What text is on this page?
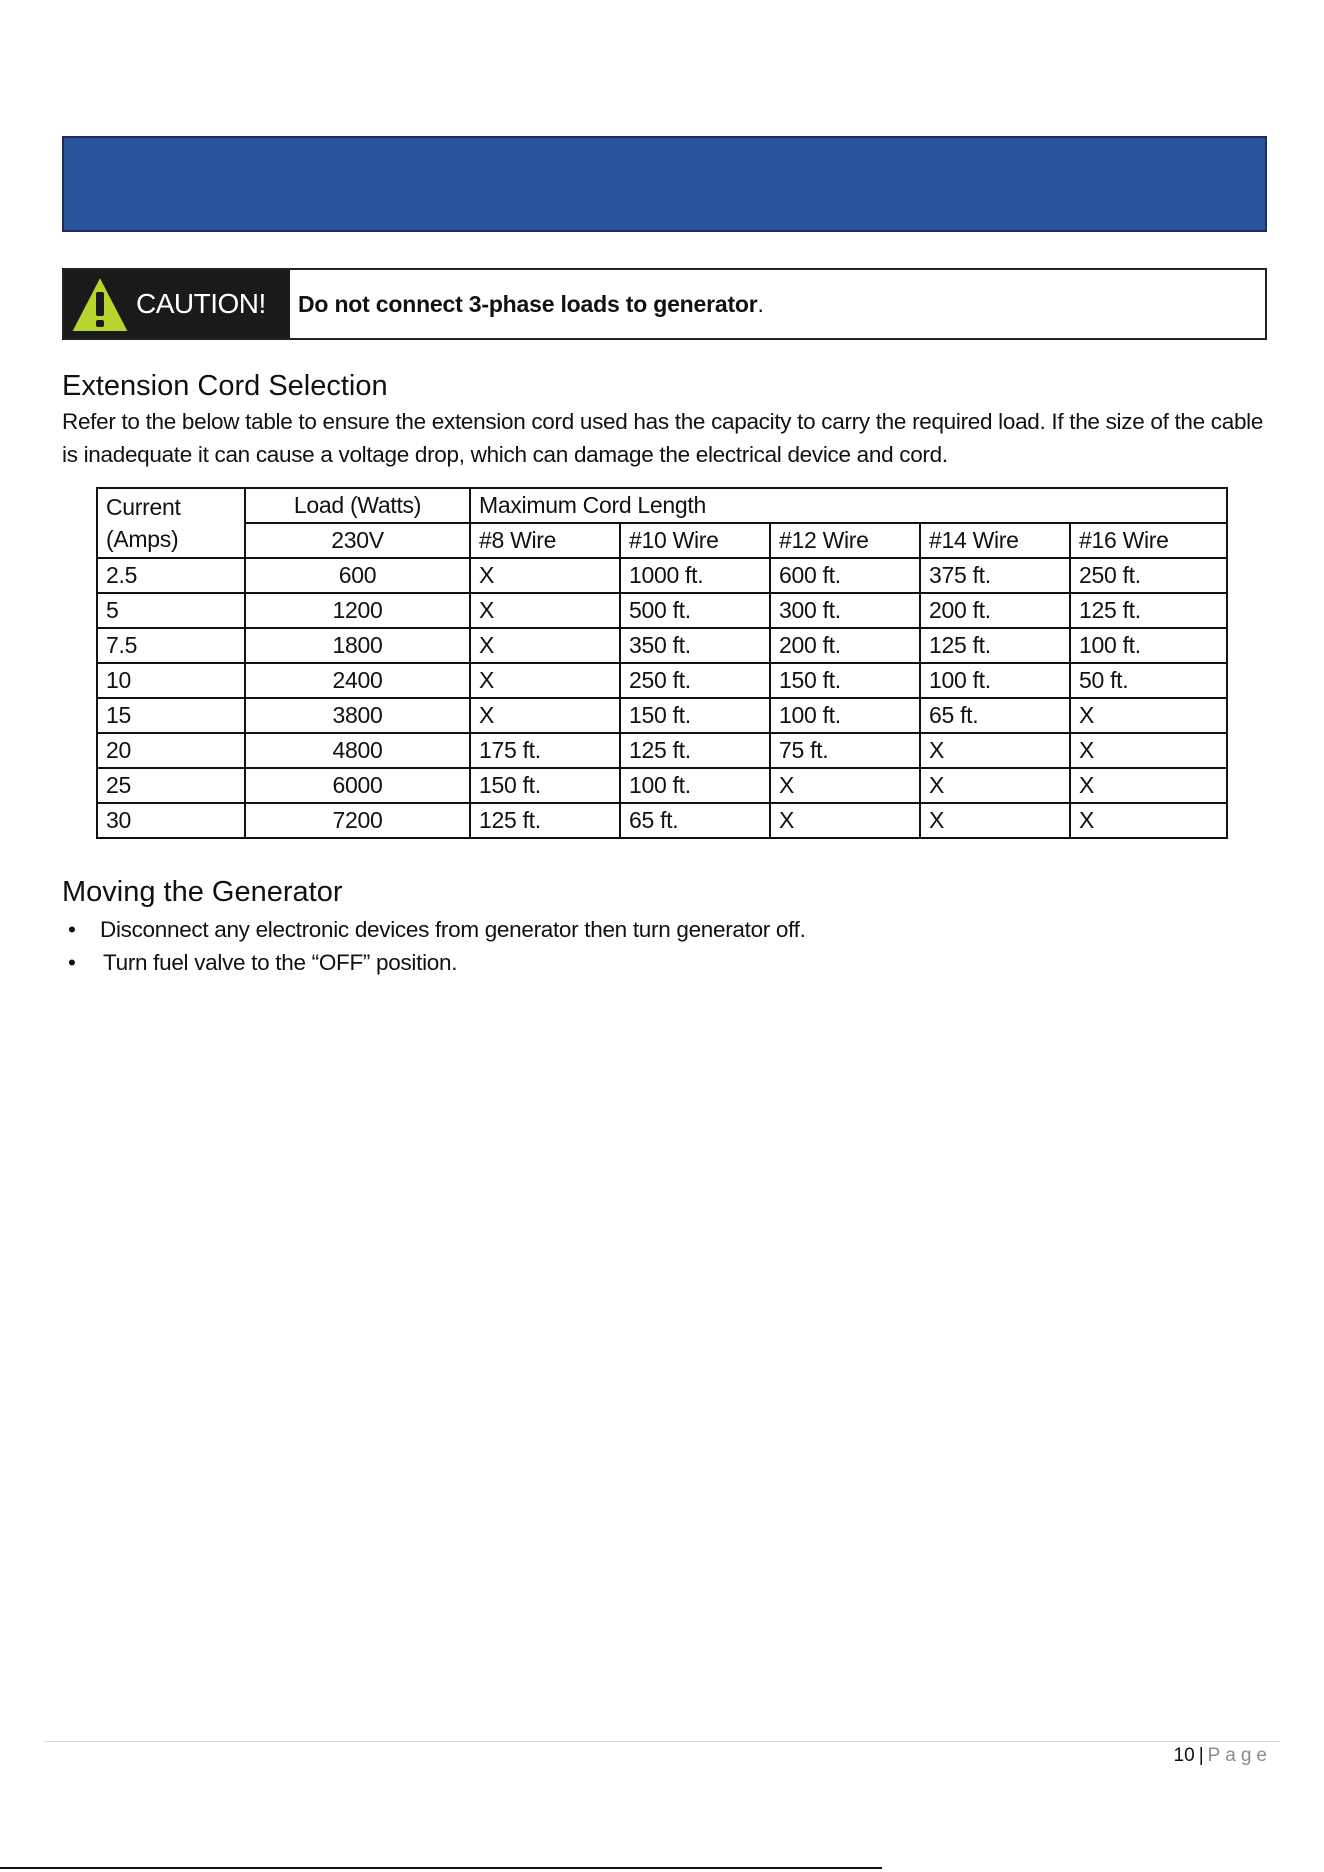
CAUTION! Do not connect 3-phase loads to generator .
Extension Cord Selection

Refer to the below table to ensure the extension cord used has the capacity to carry the required load. If the size of the cable is inadequate it can cause a voltage drop, which can damage the electrical device and cord.

Current
(Amps)	Load (Watts)	Maximum Cord Length				
	230V	#8 Wire	#10 Wire	#12 Wire	#14 Wire	#16 Wire
2.5	600	X	1000 ft.	600 ft.	375 ft.	250 ft.
5	1200	X	500 ft.	300 ft.	200 ft.	125 ft.
7.5	1800	X	350 ft.	200 ft.	125 ft.	100 ft.
10	2400	X	250 ft.	150 ft.	100 ft.	50 ft.
15	3800	X	150 ft.	100 ft.	65 ft.	X
20	4800	175 ft.	125 ft.	75 ft.	X	X
25	6000	150 ft.	100 ft.	X	X	X
30	7200	125 ft.	65 ft.	X	X	X
Moving the Generator
• Disconnect any electronic devices from generator then turn generator off.
• Turn fuel valve to the “OFF” position.
10 | Page
